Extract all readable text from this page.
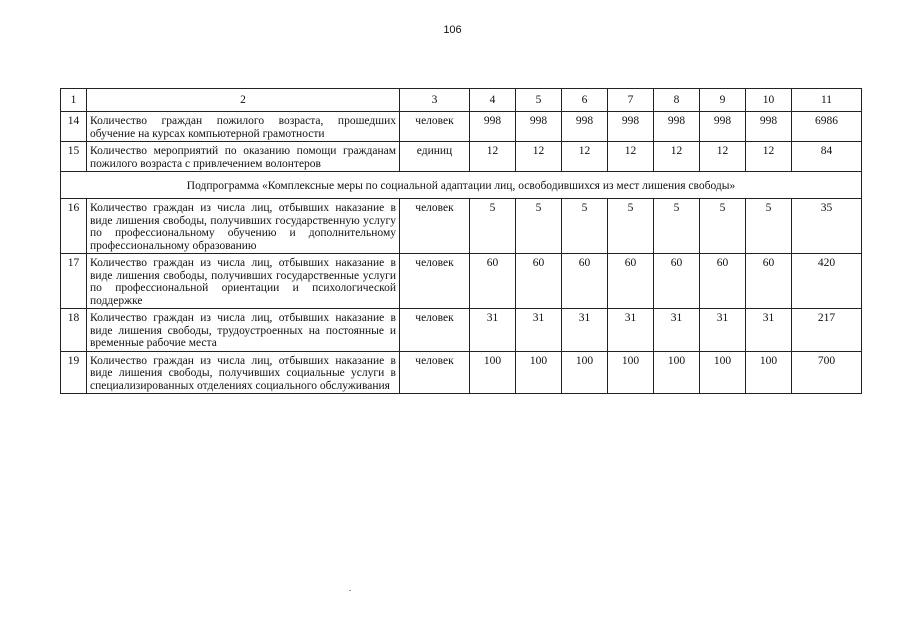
106
1	2	3	4	5	6	7	8	9	10	11
14	Количество граждан пожилого возраста, прошедших обучение на курсах компьютерной грамотности	человек	998	998	998	998	998	998	998	6986
15	Количество мероприятий по оказанию помощи гражданам пожилого возраста с привлечением волонтеров	единиц	12	12	12	12	12	12	12	84
Подпрограмма «Комплексные меры по социальной адаптации лиц, освободившихся из мест лишения свободы»										
16	Количество граждан из числа лиц, отбывших наказание в виде лишения свободы, получивших государственную услугу по профессиональному обучению и дополнительному профессиональному образованию	человек	5	5	5	5	5	5	5	35
17	Количество граждан из числа лиц, отбывших наказание в виде лишения свободы, получивших государственные услуги по профессиональной ориентации и психологической поддержке	человек	60	60	60	60	60	60	60	420
18	Количество граждан из числа лиц, отбывших наказание в виде лишения свободы, трудоустроенных на постоянные и временные рабочие места	человек	31	31	31	31	31	31	31	217
19	Количество граждан из числа лиц, отбывших наказание в виде лишения свободы, получивших социальные услуги в специализированных отделениях социального обслуживания	человек	100	100	100	100	100	100	100	700
